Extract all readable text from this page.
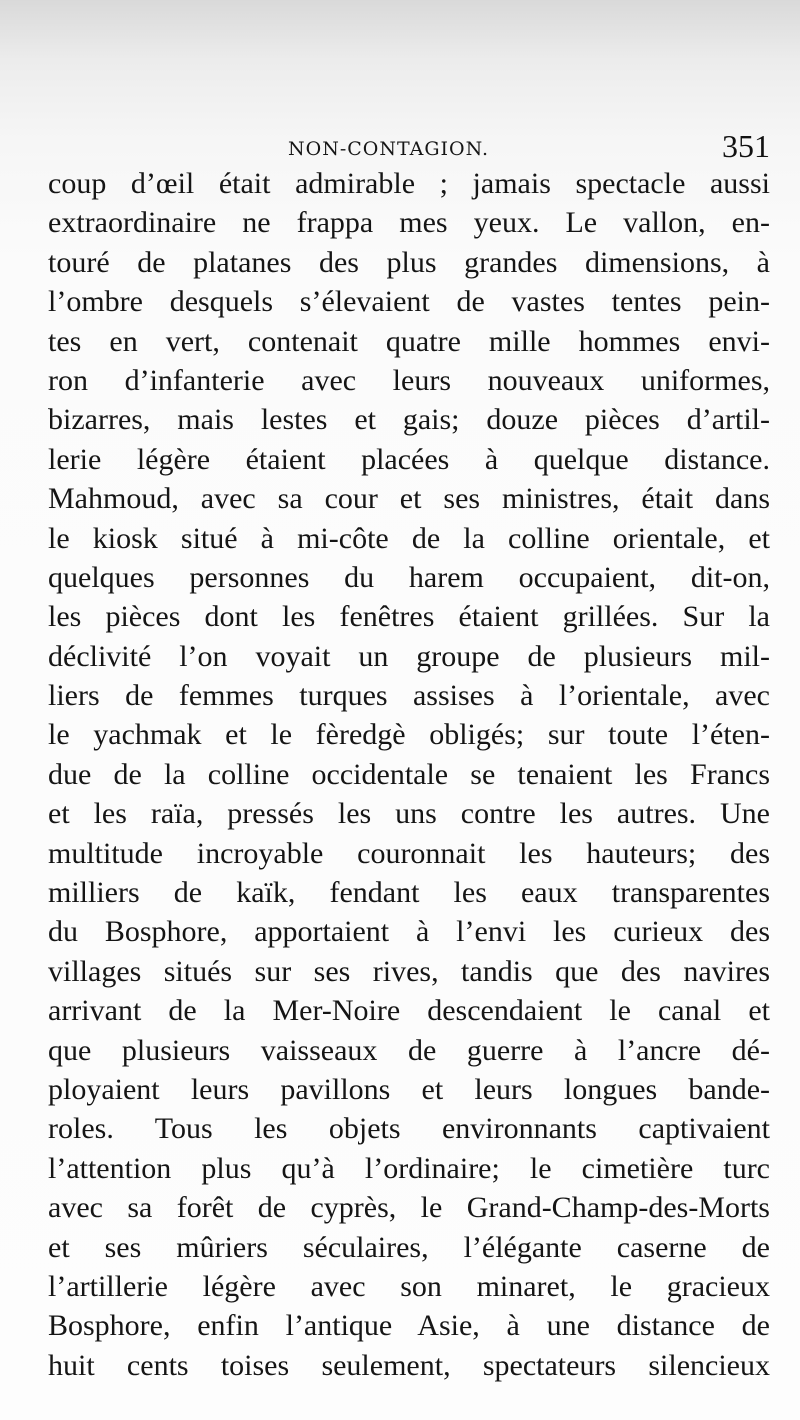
NON-CONTAGION.	351
coup d’œil était admirable ; jamais spectacle aussi
extraordinaire ne frappa mes yeux. Le vallon, en-
touré de platanes des plus grandes dimensions, à
l’ombre desquels s’élevaient de vastes tentes pein-
tes en vert, contenait quatre mille hommes envi-
ron d’infanterie avec leurs nouveaux uniformes,
bizarres, mais lestes et gais; douze pièces d’artil-
lerie légère étaient placées à quelque distance.
Mahmoud, avec sa cour et ses ministres, était dans
le kiosk situé à mi-côte de la colline orientale, et
quelques personnes du harem occupaient, dit-on,
les pièces dont les fenêtres étaient grillées. Sur la
déclivité l’on voyait un groupe de plusieurs mil-
liers de femmes turques assises à l’orientale, avec
le yachmak et le fèredgè obligés; sur toute l’éten-
due de la colline occidentale se tenaient les Francs
et les raïa, pressés les uns contre les autres. Une
multitude incroyable couronnait les hauteurs; des
milliers de kaïk, fendant les eaux transparentes
du Bosphore, apportaient à l’envi les curieux des
villages situés sur ses rives, tandis que des navires
arrivant de la Mer-Noire descendaient le canal et
que plusieurs vaisseaux de guerre à l’ancre dé-
ployaient leurs pavillons et leurs longues bande-
roles. Tous les objets environnants captivaient
l’attention plus qu’à l’ordinaire; le cimetière turc
avec sa forêt de cyprès, le Grand-Champ-des-Morts
et ses mûriers séculaires, l’élégante caserne de
l’artillerie légère avec son minaret, le gracieux
Bosphore, enfin l’antique Asie, à une distance de
huit cents toises seulement, spectateurs silencieux
